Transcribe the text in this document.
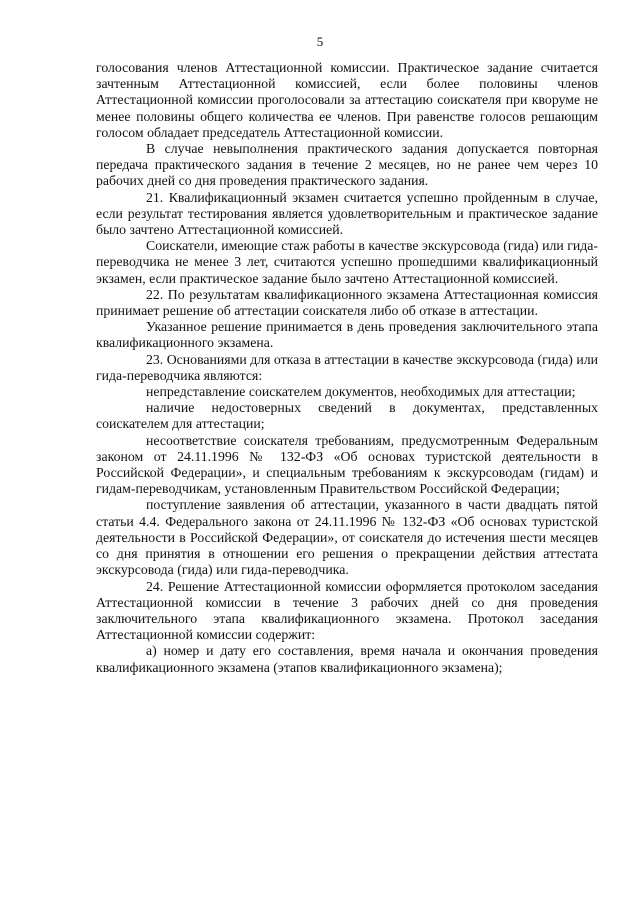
5

голосования членов Аттестационной комиссии. Практическое задание считается зачтенным Аттестационной комиссией, если более половины членов Аттестационной комиссии проголосовали за аттестацию соискателя при кворуме не менее половины общего количества ее членов. При равенстве голосов решающим голосом обладает председатель Аттестационной комиссии.

В случае невыполнения практического задания допускается повторная передача практического задания в течение 2 месяцев, но не ранее чем через 10 рабочих дней со дня проведения практического задания.

21. Квалификационный экзамен считается успешно пройденным в случае, если результат тестирования является удовлетворительным и практическое задание было зачтено Аттестационной комиссией.

Соискатели, имеющие стаж работы в качестве экскурсовода (гида) или гида-переводчика не менее 3 лет, считаются успешно прошедшими квалификационный экзамен, если практическое задание было зачтено Аттестационной комиссией.

22. По результатам квалификационного экзамена Аттестационная комиссия принимает решение об аттестации соискателя либо об отказе в аттестации.

Указанное решение принимается в день проведения заключительного этапа квалификационного экзамена.

23. Основаниями для отказа в аттестации в качестве экскурсовода (гида) или гида-переводчика являются:

непредставление соискателем документов, необходимых для аттестации;

наличие недостоверных сведений в документах, представленных соискателем для аттестации;

несоответствие соискателя требованиям, предусмотренным Федеральным законом от 24.11.1996 № 132-ФЗ «Об основах туристской деятельности в Российской Федерации», и специальным требованиям к экскурсоводам (гидам) и гидам-переводчикам, установленным Правительством Российской Федерации;

поступление заявления об аттестации, указанного в части двадцать пятой статьи 4.4. Федерального закона от 24.11.1996 № 132-ФЗ «Об основах туристской деятельности в Российской Федерации», от соискателя до истечения шести месяцев со дня принятия в отношении его решения о прекращении действия аттестата экскурсовода (гида) или гида-переводчика.

24. Решение Аттестационной комиссии оформляется протоколом заседания Аттестационной комиссии в течение 3 рабочих дней со дня проведения заключительного этапа квалификационного экзамена. Протокол заседания Аттестационной комиссии содержит:

а) номер и дату его составления, время начала и окончания проведения квалификационного экзамена (этапов квалификационного экзамена);
